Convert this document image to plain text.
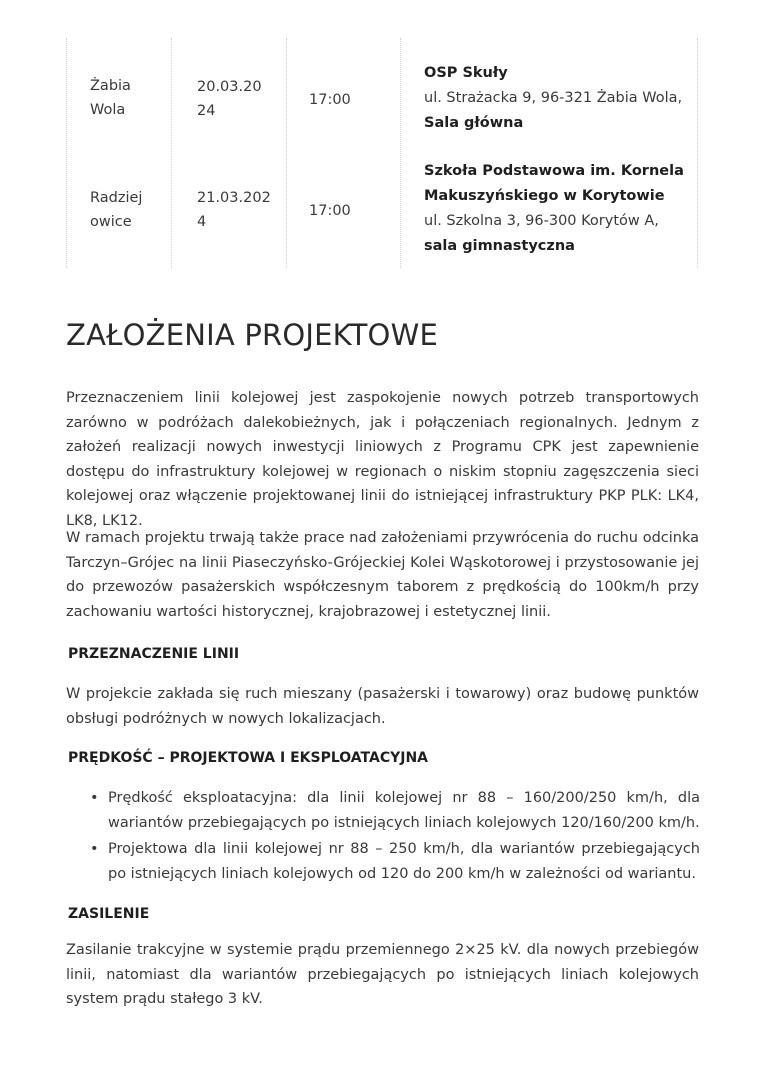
Żabia
Wola
20.03.20
24
17:00
OSP Skuły
ul. Strażacka 9, 96-321 Żabia Wola,
Sala główna
Radziej
owice
21.03.202
4
17:00
Szkoła Podstawowa im. Kornela
Makuszyńskiego w Korytowie
ul. Szkolna 3, 96-300 Korytów A,
sala gimnastyczna
ZAŁOŻENIA PROJEKTOWE

Przeznaczeniem linii kolejowej jest zaspokojenie nowych potrzeb transportowych zarówno w podróżach dalekobieżnych, jak i połączeniach regionalnych. Jednym z założeń realizacji nowych inwestycji liniowych z Programu CPK jest zapewnienie dostępu do infrastruktury kolejowej w regionach o niskim stopniu zagęszczenia sieci kolejowej oraz włączenie projektowanej linii do istniejącej infrastruktury PKP PLK: LK4, LK8, LK12.

W ramach projektu trwają także prace nad założeniami przywrócenia do ruchu odcinka Tarczyn–Grójec na linii Piaseczyńsko-Grójeckiej Kolei Wąskotorowej i przystosowanie jej do przewozów pasażerskich współczesnym taborem z prędkością do 100km/h przy zachowaniu wartości historycznej, krajobrazowej i estetycznej linii.

PRZEZNACZENIE LINII

W projekcie zakłada się ruch mieszany (pasażerski i towarowy) oraz budowę punktów obsługi podróżnych w nowych lokalizacjach.

PRĘDKOŚĆ – PROJEKTOWA I EKSPLOATACYJNA
• Prędkość eksploatacyjna: dla linii kolejowej nr 88 – 160/200/250 km/h, dla wariantów przebiegających po istniejących liniach kolejowych 120/160/200 km/h.
• Projektowa dla linii kolejowej nr 88 – 250 km/h, dla wariantów przebiegających po istniejących liniach kolejowych od 120 do 200 km/h w zależności od wariantu.
ZASILENIE

Zasilanie trakcyjne w systemie prądu przemiennego 2×25 kV. dla nowych przebiegów linii, natomiast dla wariantów przebiegających po istniejących liniach kolejowych system prądu stałego 3 kV.
